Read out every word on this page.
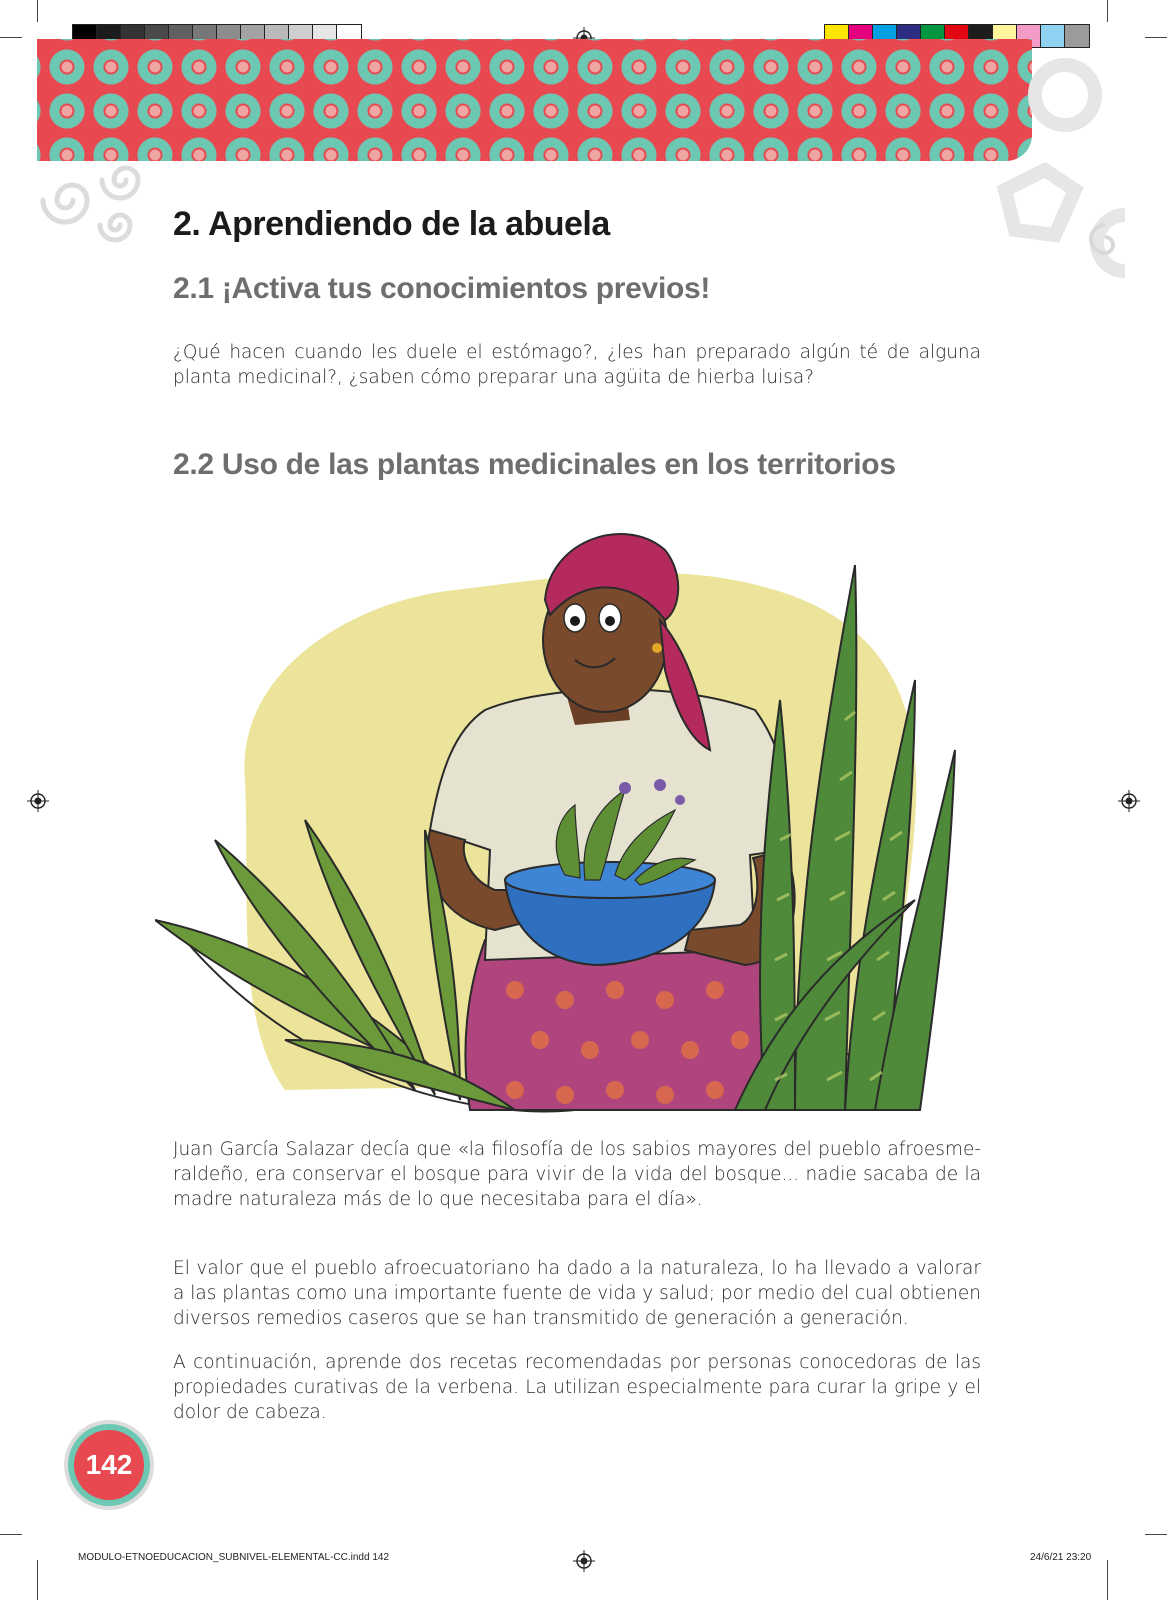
2. Aprendiendo de la abuela
2.1 ¡Activa tus conocimientos previos!

¿Qué hacen cuando les duele el estómago?, ¿les han preparado algún té de alguna planta medicinal?, ¿saben cómo preparar una agüita de hierba luisa?

2.2 Uso de las plantas medicinales en los territorios

Juan García Salazar decía que «la filosofía de los sabios mayores del pueblo afroesme-raldeño, era conservar el bosque para vivir de la vida del bosque... nadie sacaba de la madre naturaleza más de lo que necesitaba para el día».

El valor que el pueblo afroecuatoriano ha dado a la naturaleza, lo ha llevado a valorar a las plantas como una importante fuente de vida y salud; por medio del cual obtienen diversos remedios caseros que se han transmitido de generación a generación.

A continuación, aprende dos recetas recomendadas por personas conocedoras de las propiedades curativas de la verbena. La utilizan especialmente para curar la gripe y el dolor de cabeza.

142
MODULO-ETNOEDUCACION_SUBNIVEL-ELEMENTAL-CC.indd 142	24/6/21 23:20
